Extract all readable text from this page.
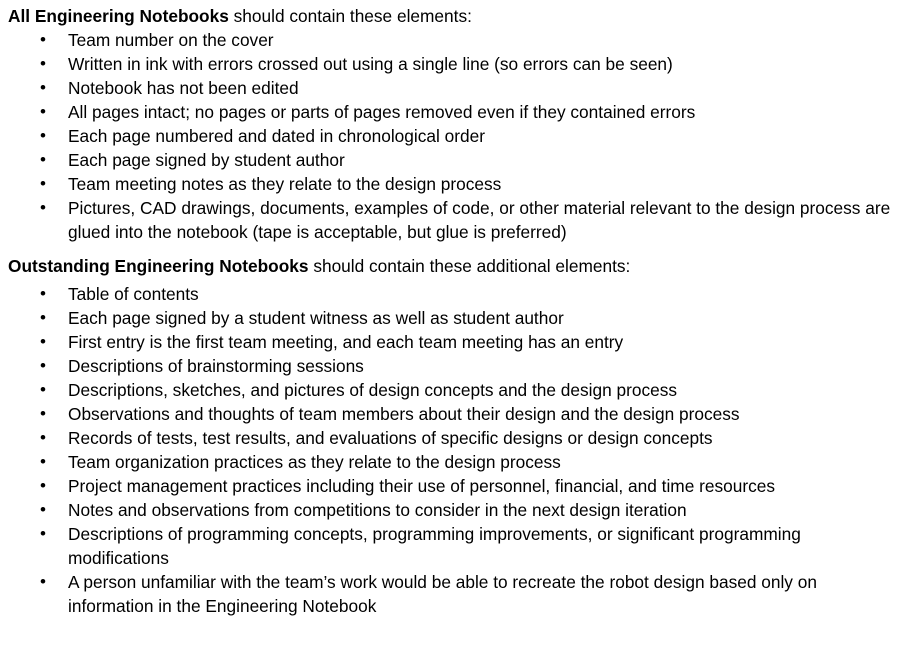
All Engineering Notebooks should contain these elements:

• Team number on the cover
• Written in ink with errors crossed out using a single line (so errors can be seen)
• Notebook has not been edited
• All pages intact; no pages or parts of pages removed even if they contained errors
• Each page numbered and dated in chronological order
• Each page signed by student author
• Team meeting notes as they relate to the design process
• Pictures, CAD drawings, documents, examples of code, or other material relevant to the design process are glued into the notebook (tape is acceptable, but glue is preferred)

Outstanding Engineering Notebooks should contain these additional elements:

• Table of contents
• Each page signed by a student witness as well as student author
• First entry is the first team meeting, and each team meeting has an entry
• Descriptions of brainstorming sessions
• Descriptions, sketches, and pictures of design concepts and the design process
• Observations and thoughts of team members about their design and the design process
• Records of tests, test results, and evaluations of specific designs or design concepts
• Team organization practices as they relate to the design process
• Project management practices including their use of personnel, financial, and time resources
• Notes and observations from competitions to consider in the next design iteration
• Descriptions of programming concepts, programming improvements, or significant programming modifications
• A person unfamiliar with the team’s work would be able to recreate the robot design based only on information in the Engineering Notebook
